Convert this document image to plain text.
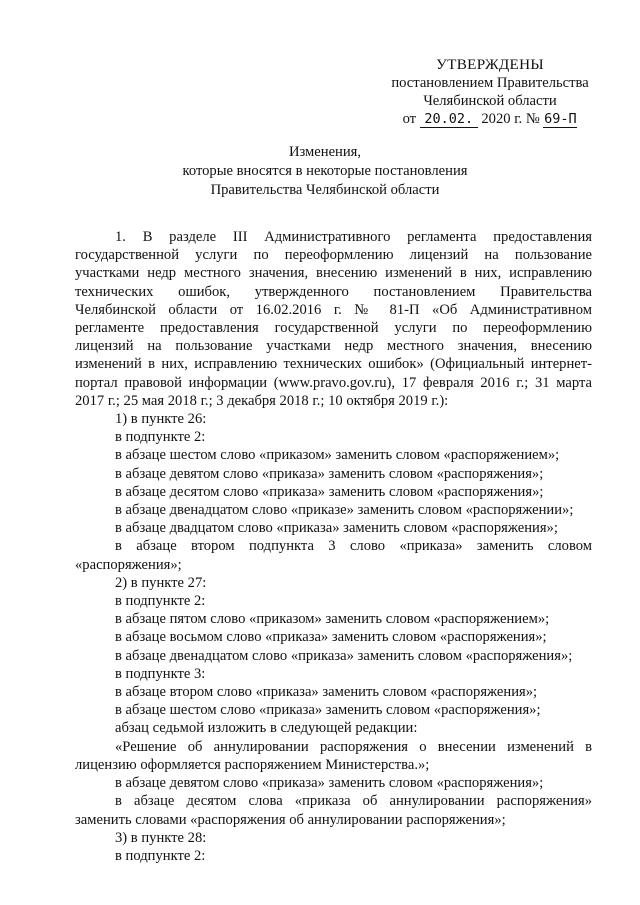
УТВЕРЖДЕНЫ
постановлением Правительства
Челябинской области
от 20.02. 2020 г. № 69-П
Изменения,
которые вносятся в некоторые постановления
Правительства Челябинской области
1. В разделе III Административного регламента предоставления
государственной услуги по переоформлению лицензий на пользование
участками недр местного значения, внесению изменений в них, исправлению
технических ошибок, утвержденного постановлением Правительства
Челябинской области от 16.02.2016 г. № 81-П «Об Административном
регламенте предоставления государственной услуги по переоформлению
лицензий на пользование участками недр местного значения, внесению
изменений в них, исправлению технических ошибок» (Официальный интернет-
портал правовой информации (www.pravo.gov.ru), 17 февраля 2016 г.; 31 марта
2017 г.; 25 мая 2018 г.; 3 декабря 2018 г.; 10 октября 2019 г.):
1) в пункте 26:
в подпункте 2:
в абзаце шестом слово «приказом» заменить словом «распоряжением»;
в абзаце девятом слово «приказа» заменить словом «распоряжения»;
в абзаце десятом слово «приказа» заменить словом «распоряжения»;
в абзаце двенадцатом слово «приказе» заменить словом «распоряжении»;
в абзаце двадцатом слово «приказа» заменить словом «распоряжения»;
в абзаце втором подпункта 3 слово «приказа» заменить словом
«распоряжения»;
2) в пункте 27:
в подпункте 2:
в абзаце пятом слово «приказом» заменить словом «распоряжением»;
в абзаце восьмом слово «приказа» заменить словом «распоряжения»;
в абзаце двенадцатом слово «приказа» заменить словом «распоряжения»;
в подпункте 3:
в абзаце втором слово «приказа» заменить словом «распоряжения»;
в абзаце шестом слово «приказа» заменить словом «распоряжения»;
абзац седьмой изложить в следующей редакции:
«Решение об аннулировании распоряжения о внесении изменений в
лицензию оформляется распоряжением Министерства.»;
в абзаце девятом слово «приказа» заменить словом «распоряжения»;
в абзаце десятом слова «приказа об аннулировании распоряжения»
заменить словами «распоряжения об аннулировании распоряжения»;
3) в пункте 28:
в подпункте 2:
